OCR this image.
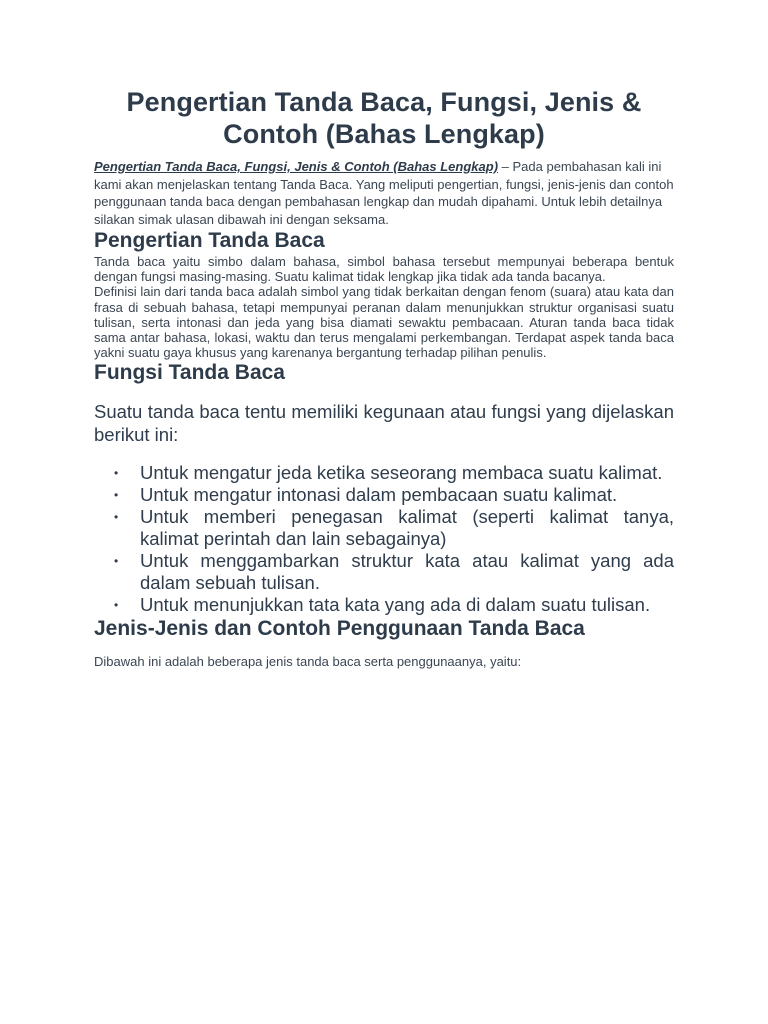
Pengertian Tanda Baca, Fungsi, Jenis & Contoh (Bahas Lengkap)

Pengertian Tanda Baca, Fungsi, Jenis & Contoh (Bahas Lengkap) – Pada pembahasan kali ini kami akan menjelaskan tentang Tanda Baca. Yang meliputi pengertian, fungsi, jenis-jenis dan contoh penggunaan tanda baca dengan pembahasan lengkap dan mudah dipahami. Untuk lebih detailnya silakan simak ulasan dibawah ini dengan seksama.

Pengertian Tanda Baca

Tanda baca yaitu simbo dalam bahasa, simbol bahasa tersebut mempunyai beberapa bentuk dengan fungsi masing-masing. Suatu kalimat tidak lengkap jika tidak ada tanda bacanya.

Definisi lain dari tanda baca adalah simbol yang tidak berkaitan dengan fenom (suara) atau kata dan frasa di sebuah bahasa, tetapi mempunyai peranan dalam menunjukkan struktur organisasi suatu tulisan, serta intonasi dan jeda yang bisa diamati sewaktu pembacaan. Aturan tanda baca tidak sama antar bahasa, lokasi, waktu dan terus mengalami perkembangan. Terdapat aspek tanda baca yakni suatu gaya khusus yang karenanya bergantung terhadap pilihan penulis.

Fungsi Tanda Baca

Suatu tanda baca tentu memiliki kegunaan atau fungsi yang dijelaskan berikut ini:

• Untuk mengatur jeda ketika seseorang membaca suatu kalimat.
• Untuk mengatur intonasi dalam pembacaan suatu kalimat.
• Untuk memberi penegasan kalimat (seperti kalimat tanya, kalimat perintah dan lain sebagainya)
• Untuk menggambarkan struktur kata atau kalimat yang ada dalam sebuah tulisan.
• Untuk menunjukkan tata kata yang ada di dalam suatu tulisan.
Jenis-Jenis dan Contoh Penggunaan Tanda Baca

Dibawah ini adalah beberapa jenis tanda baca serta penggunaanya, yaitu:
